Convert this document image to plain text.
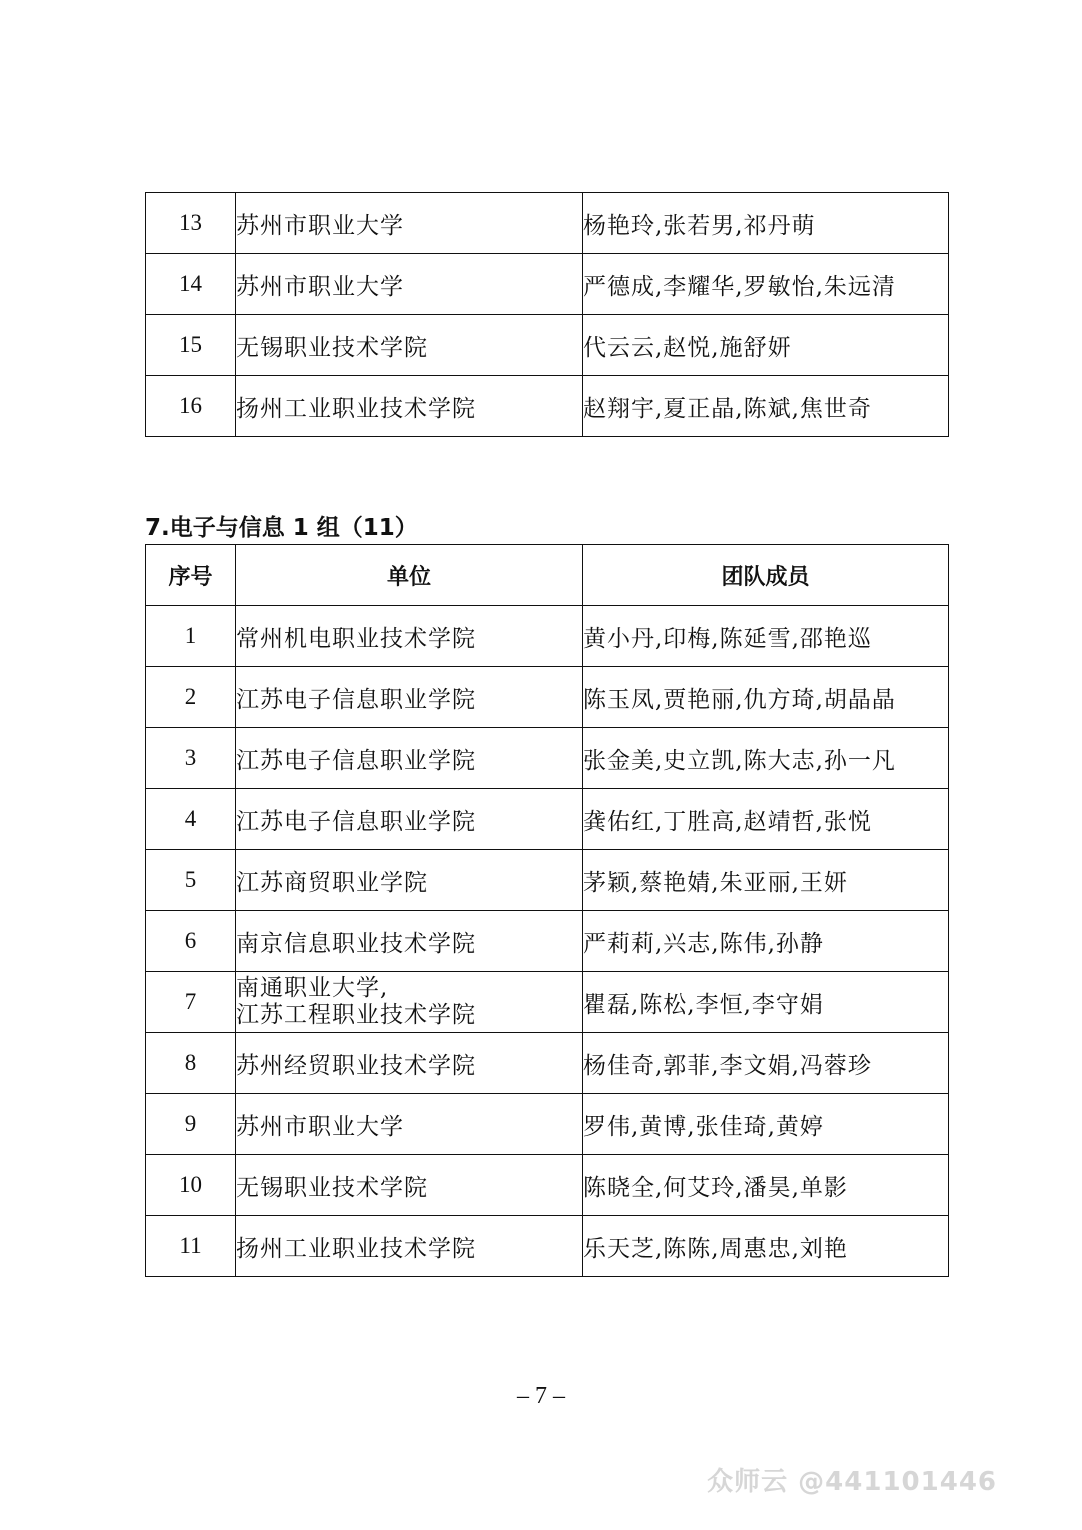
13	苏州市职业大学	杨艳玲,张若男,祁丹萌
14	苏州市职业大学	严德成,李耀华,罗敏怡,朱远清
15	无锡职业技术学院	代云云,赵悦,施舒妍
16	扬州工业职业技术学院	赵翔宇,夏正晶,陈斌,焦世奇
7.电子与信息 1 组（11）
序号	单位	团队成员
1	常州机电职业技术学院	黄小丹,印梅,陈延雪,邵艳巡
2	江苏电子信息职业学院	陈玉凤,贾艳丽,仇方琦,胡晶晶
3	江苏电子信息职业学院	张金美,史立凯,陈大志,孙一凡
4	江苏电子信息职业学院	龚佑红,丁胜高,赵靖哲,张悦
5	江苏商贸职业学院	茅颖,蔡艳婧,朱亚丽,王妍
6	南京信息职业技术学院	严莉莉,兴志,陈伟,孙静
7	南通职业大学,
江苏工程职业技术学院	瞿磊,陈松,李恒,李守娟
8	苏州经贸职业技术学院	杨佳奇,郭菲,李文娟,冯蓉珍
9	苏州市职业大学	罗伟,黄博,张佳琦,黄婷
10	无锡职业技术学院	陈晓全,何艾玲,潘昊,单影
11	扬州工业职业技术学院	乐天芝,陈陈,周惠忠,刘艳
– 7 –
众师云 @441101446
